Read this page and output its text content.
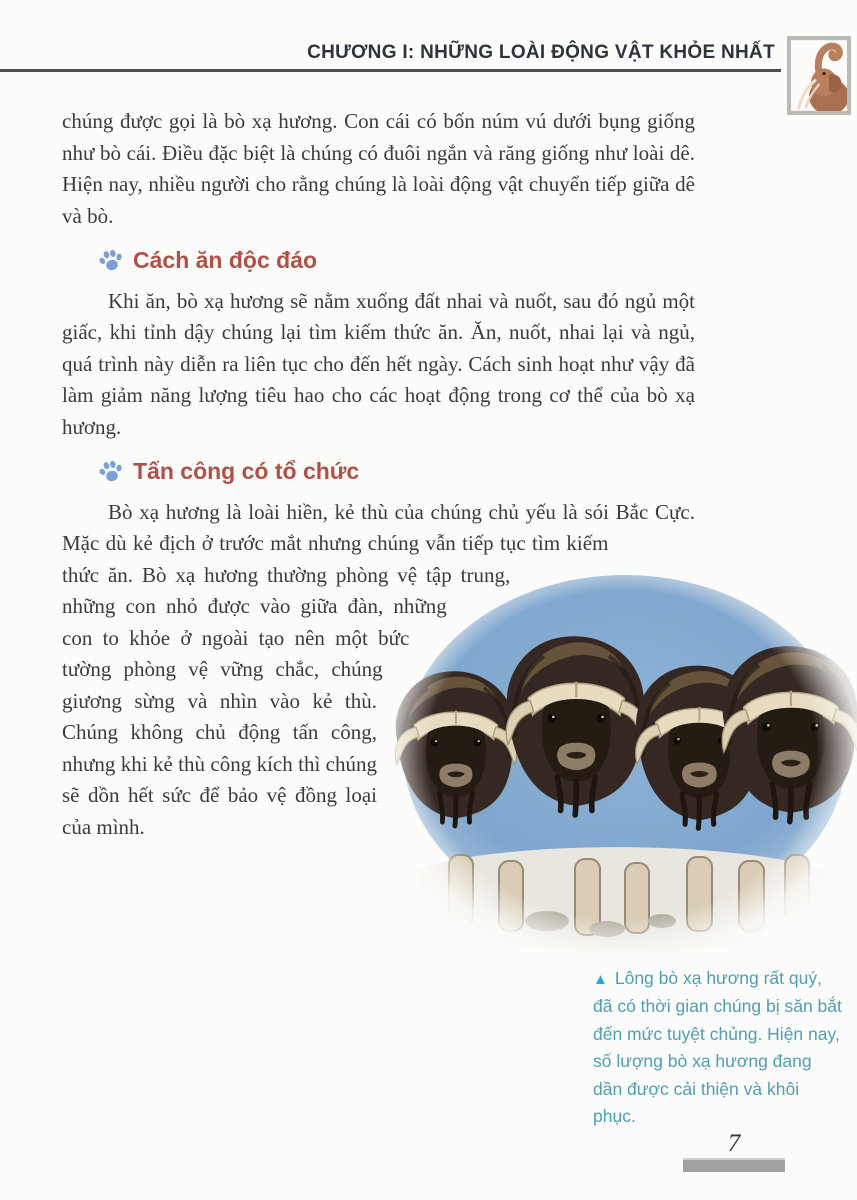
CHƯƠNG I: NHỮNG LOÀI ĐỘNG VẬT KHỎE NHẤT

chúng được gọi là bò xạ hương. Con cái có bốn núm vú dưới bụng giống như bò cái. Điều đặc biệt là chúng có đuôi ngắn và răng giống như loài dê. Hiện nay, nhiều người cho rằng chúng là loài động vật chuyển tiếp giữa dê và bò.

Cách ăn độc đáo

Khi ăn, bò xạ hương sẽ nằm xuống đất nhai và nuốt, sau đó ngủ một giấc, khi tỉnh dậy chúng lại tìm kiếm thức ăn. Ăn, nuốt, nhai lại và ngủ, quá trình này diễn ra liên tục cho đến hết ngày. Cách sinh hoạt như vậy đã làm giảm năng lượng tiêu hao cho các hoạt động trong cơ thể của bò xạ hương.

Tấn công có tổ chức

Bò xạ hương là loài hiền, kẻ thù của chúng chủ yếu là sói Bắc Cực. Mặc dù kẻ địch ở trước mắt nhưng chúng vẫn tiếp tục tìm kiếm thức ăn. Bò xạ hương thường phòng vệ tập trung, những con nhỏ được vào giữa đàn, những con to khỏe ở ngoài tạo nên một bức tường phòng vệ vững chắc, chúng giương sừng và nhìn vào kẻ thù. Chúng không chủ động tấn công, nhưng khi kẻ thù công kích thì chúng sẽ dồn hết sức để bảo vệ đồng loại của mình.

▲ Lông bò xạ hương rất quý, đã có thời gian chúng bị săn bắt đến mức tuyệt chủng. Hiện nay, số lượng bò xạ hương đang dần được cải thiện và khôi phục.
7
